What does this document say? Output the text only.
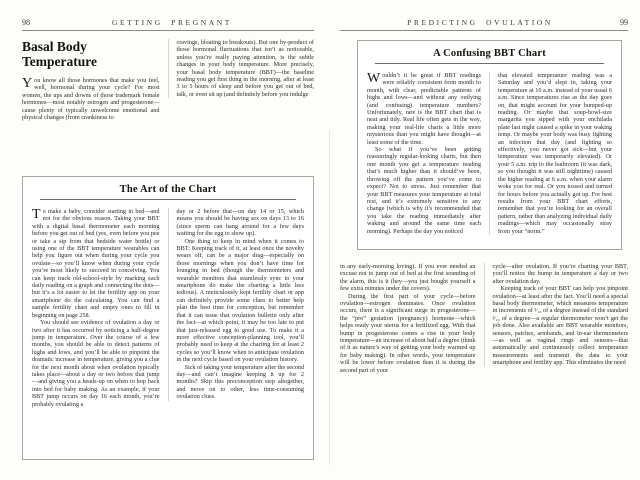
98	GETTING PREGNANT
Basal Body
Temperature

You know all those hormones that make you feel, well, hormonal during your cycle? For most women, the ups and downs of those trademark female hormones—most notably estrogen and progesterone—cause plenty of typically unwelcome emotional and physical changes (from crankiness to

cravings, bloating to breakouts). But one by-product of those hormonal fluctuations that isn’t as noticeable, unless you’re really paying attention, is the subtle changes in your body temperature. More precisely, your basal body temperature (BBT)—the baseline reading you get first thing in the morning, after at least 3 to 5 hours of sleep and before you get out of bed, talk, or even sit up (and definitely before you indulge

The Art of the Chart

To make a baby, consider starting in bed—and not for the obvious reason. Taking your BBT with a digital basal thermometer each morning before you get out of bed (yes, even before you pee or take a sip from that bedside water bottle) or using one of the BBT temperature wearables can help you figure out when during your cycle you ovulate—so you’ll know when during your cycle you’re most likely to succeed in conceiving. You can keep track old-school-style by marking each daily reading on a graph and connecting the dots—but it’s a lot easier to let the fertility app on your smartphone do the calculating. You can find a sample fertility chart and empty ones to fill in beginning on page 258.

You should see evidence of ovulation a day or two after it has occurred by noticing a half-degree jump in temperature. Over the course of a few months, you should be able to detect patterns of highs and lows, and you’ll be able to pinpoint the dramatic increase in temperature, giving you a clue for the next month about when ovulation typically takes place—about a day or two before that jump—and giving you a heads-up on when to hop back into bed for baby making. As an example, if your BBT jump occurs on day 16 each month, you’re probably ovulating a

day or 2 before that—on day 14 or 15, which means you should be having sex on days 13 to 16 (since sperm can hang around for a few days waiting for the egg to show up).

One thing to keep in mind when it comes to BBT: Keeping track of it, at least once the novelty wears off, can be a major drag—especially on those mornings when you don’t have time for lounging in bed (though the thermometers and wearable monitors that seamlessly sync to your smartphone do make the charting a little less tedious). A meticulously kept fertility chart or app can definitely provide some clues to better help plan the best time for conception, but remember that it can issue that ovulation bulletin only after the fact—at which point, it may be too late to put that just-released egg to good use. To make it a more effective conception-planning tool, you’ll probably need to keep at the charting for at least 2 cycles so you’ll know when to anticipate ovulation in the next cycle based on your ovulation history.

Sick of taking your temperature after the second day—and can’t imagine keeping it up for 2 months? Skip this preconception step altogether, and move on to other, less time-consuming ovulation clues.

PREDICTING OVULATION	99
A Confusing BBT Chart

Wouldn’t it be great if BBT readings were reliably consistent from month to month, with clear, predictable patterns of highs and lows—and without any outlying (and confusing) temperature numbers? Unfortunately, rare is the BBT chart that is neat and tidy. Real life often gets in the way, making your real-life charts a little more mysterious than you might have thought—at least some of the time.

So what if you’ve been getting reassuringly regular-looking charts, but then one month you get a temperature reading that’s much higher than it should’ve been, throwing off the pattern you’ve come to expect? Not to stress. Just remember that your BBT measures your temperature at total rest, and it’s extremely sensitive to any change (which is why it’s recommended that you take the reading immediately after waking and around the same time each morning). Perhaps the day you noticed

that elevated temperature reading was a Saturday and you’d slept in, taking your temperature at 10 a.m. instead of your usual 6 a.m. Since temperatures rise as the day goes on, that might account for your bumped-up reading. Or maybe that soup-bowl-size margarita you sipped with your enchilada plate last night caused a spike in your waking temp. Or maybe your body was busy fighting an infection that day (and fighting so effectively, you never got sick—but your temperature was temporarily elevated). Or your 5 a.m. trip to the bathroom (it was dark, so you thought it was still nighttime) caused the higher reading at 6 a.m. when your alarm woke you for real. Or you tossed and turned for hours before you actually got up. For best results from your BBT chart efforts, remember that you’re looking for an overall pattern, rather than analyzing individual daily readings—which may occasionally stray from your “norm.”

in any early-morning loving). If you ever needed an excuse not to jump out of bed at the first sounding of the alarm, this is it (hey—you just bought yourself a few extra minutes under the covers).

During the first part of your cycle—before ovulation—estrogen dominates. Once ovulation occurs, there is a significant surge in progesterone—the “pro” gestation (pregnancy) hormone—which helps ready your uterus for a fertilized egg. With that bump in progesterone comes a rise in your body temperature—an increase of about half a degree (think of it as nature’s way of getting your body warmed up for baby making). In other words, your temperature will be lower before ovulation than it is during the second part of your

cycle—after ovulation. If you’re charting your BBT, you’ll notice the bump in temperature a day or two after ovulation day.

Keeping track of your BBT can help you pinpoint ovulation—at least after the fact. You’ll need a special basal body thermometer, which measures temperature in increments of ¹⁄₁₀ of a degree instead of the standard ²⁄₁₀ of a degree—a regular thermometer won’t get the job done. Also available are BBT wearable monitors, sensors, patches, armbands, and in-ear thermometers—as well as vaginal rings and sensors—that automatically and continuously collect temperature measurements and transmit the data to your smartphone and fertility app. This eliminates the need
